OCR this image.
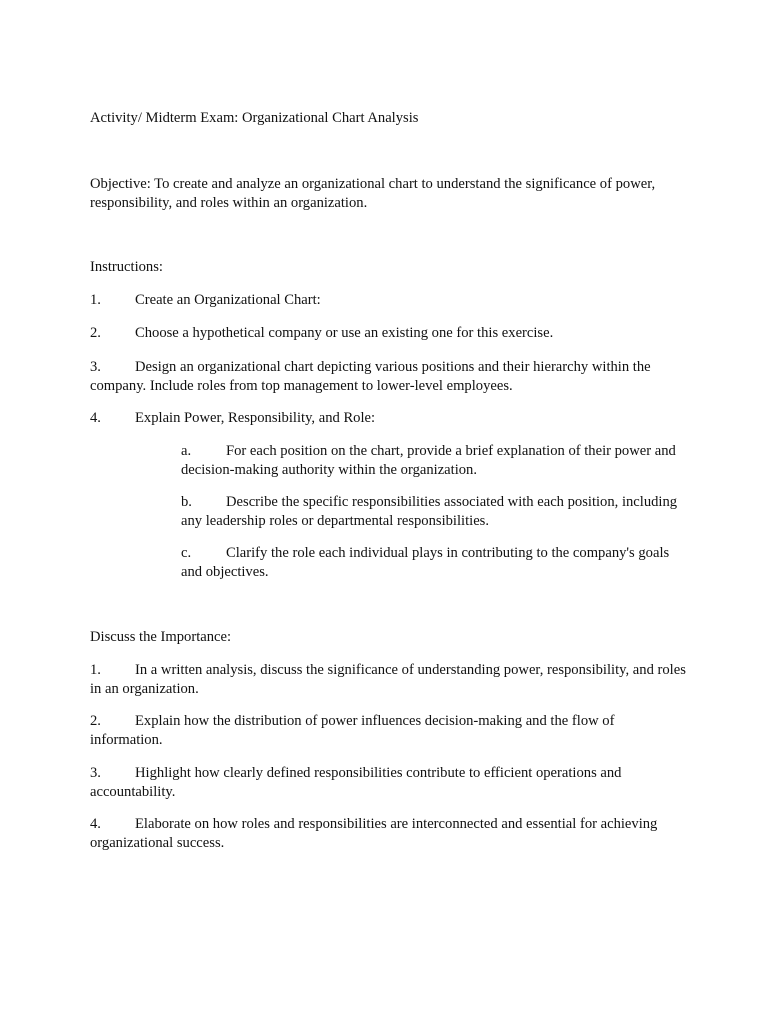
Activity/ Midterm Exam: Organizational Chart Analysis

Objective: To create and analyze an organizational chart to understand the significance of power, responsibility, and roles within an organization.

Instructions:

1. Create an Organizational Chart:

2. Choose a hypothetical company or use an existing one for this exercise.

3. Design an organizational chart depicting various positions and their hierarchy within the company. Include roles from top management to lower-level employees.

4. Explain Power, Responsibility, and Role:

a. For each position on the chart, provide a brief explanation of their power and decision-making authority within the organization.

b. Describe the specific responsibilities associated with each position, including any leadership roles or departmental responsibilities.

c. Clarify the role each individual plays in contributing to the company's goals and objectives.

Discuss the Importance:

1. In a written analysis, discuss the significance of understanding power, responsibility, and roles in an organization.

2. Explain how the distribution of power influences decision-making and the flow of information.

3. Highlight how clearly defined responsibilities contribute to efficient operations and accountability.

4. Elaborate on how roles and responsibilities are interconnected and essential for achieving organizational success.
